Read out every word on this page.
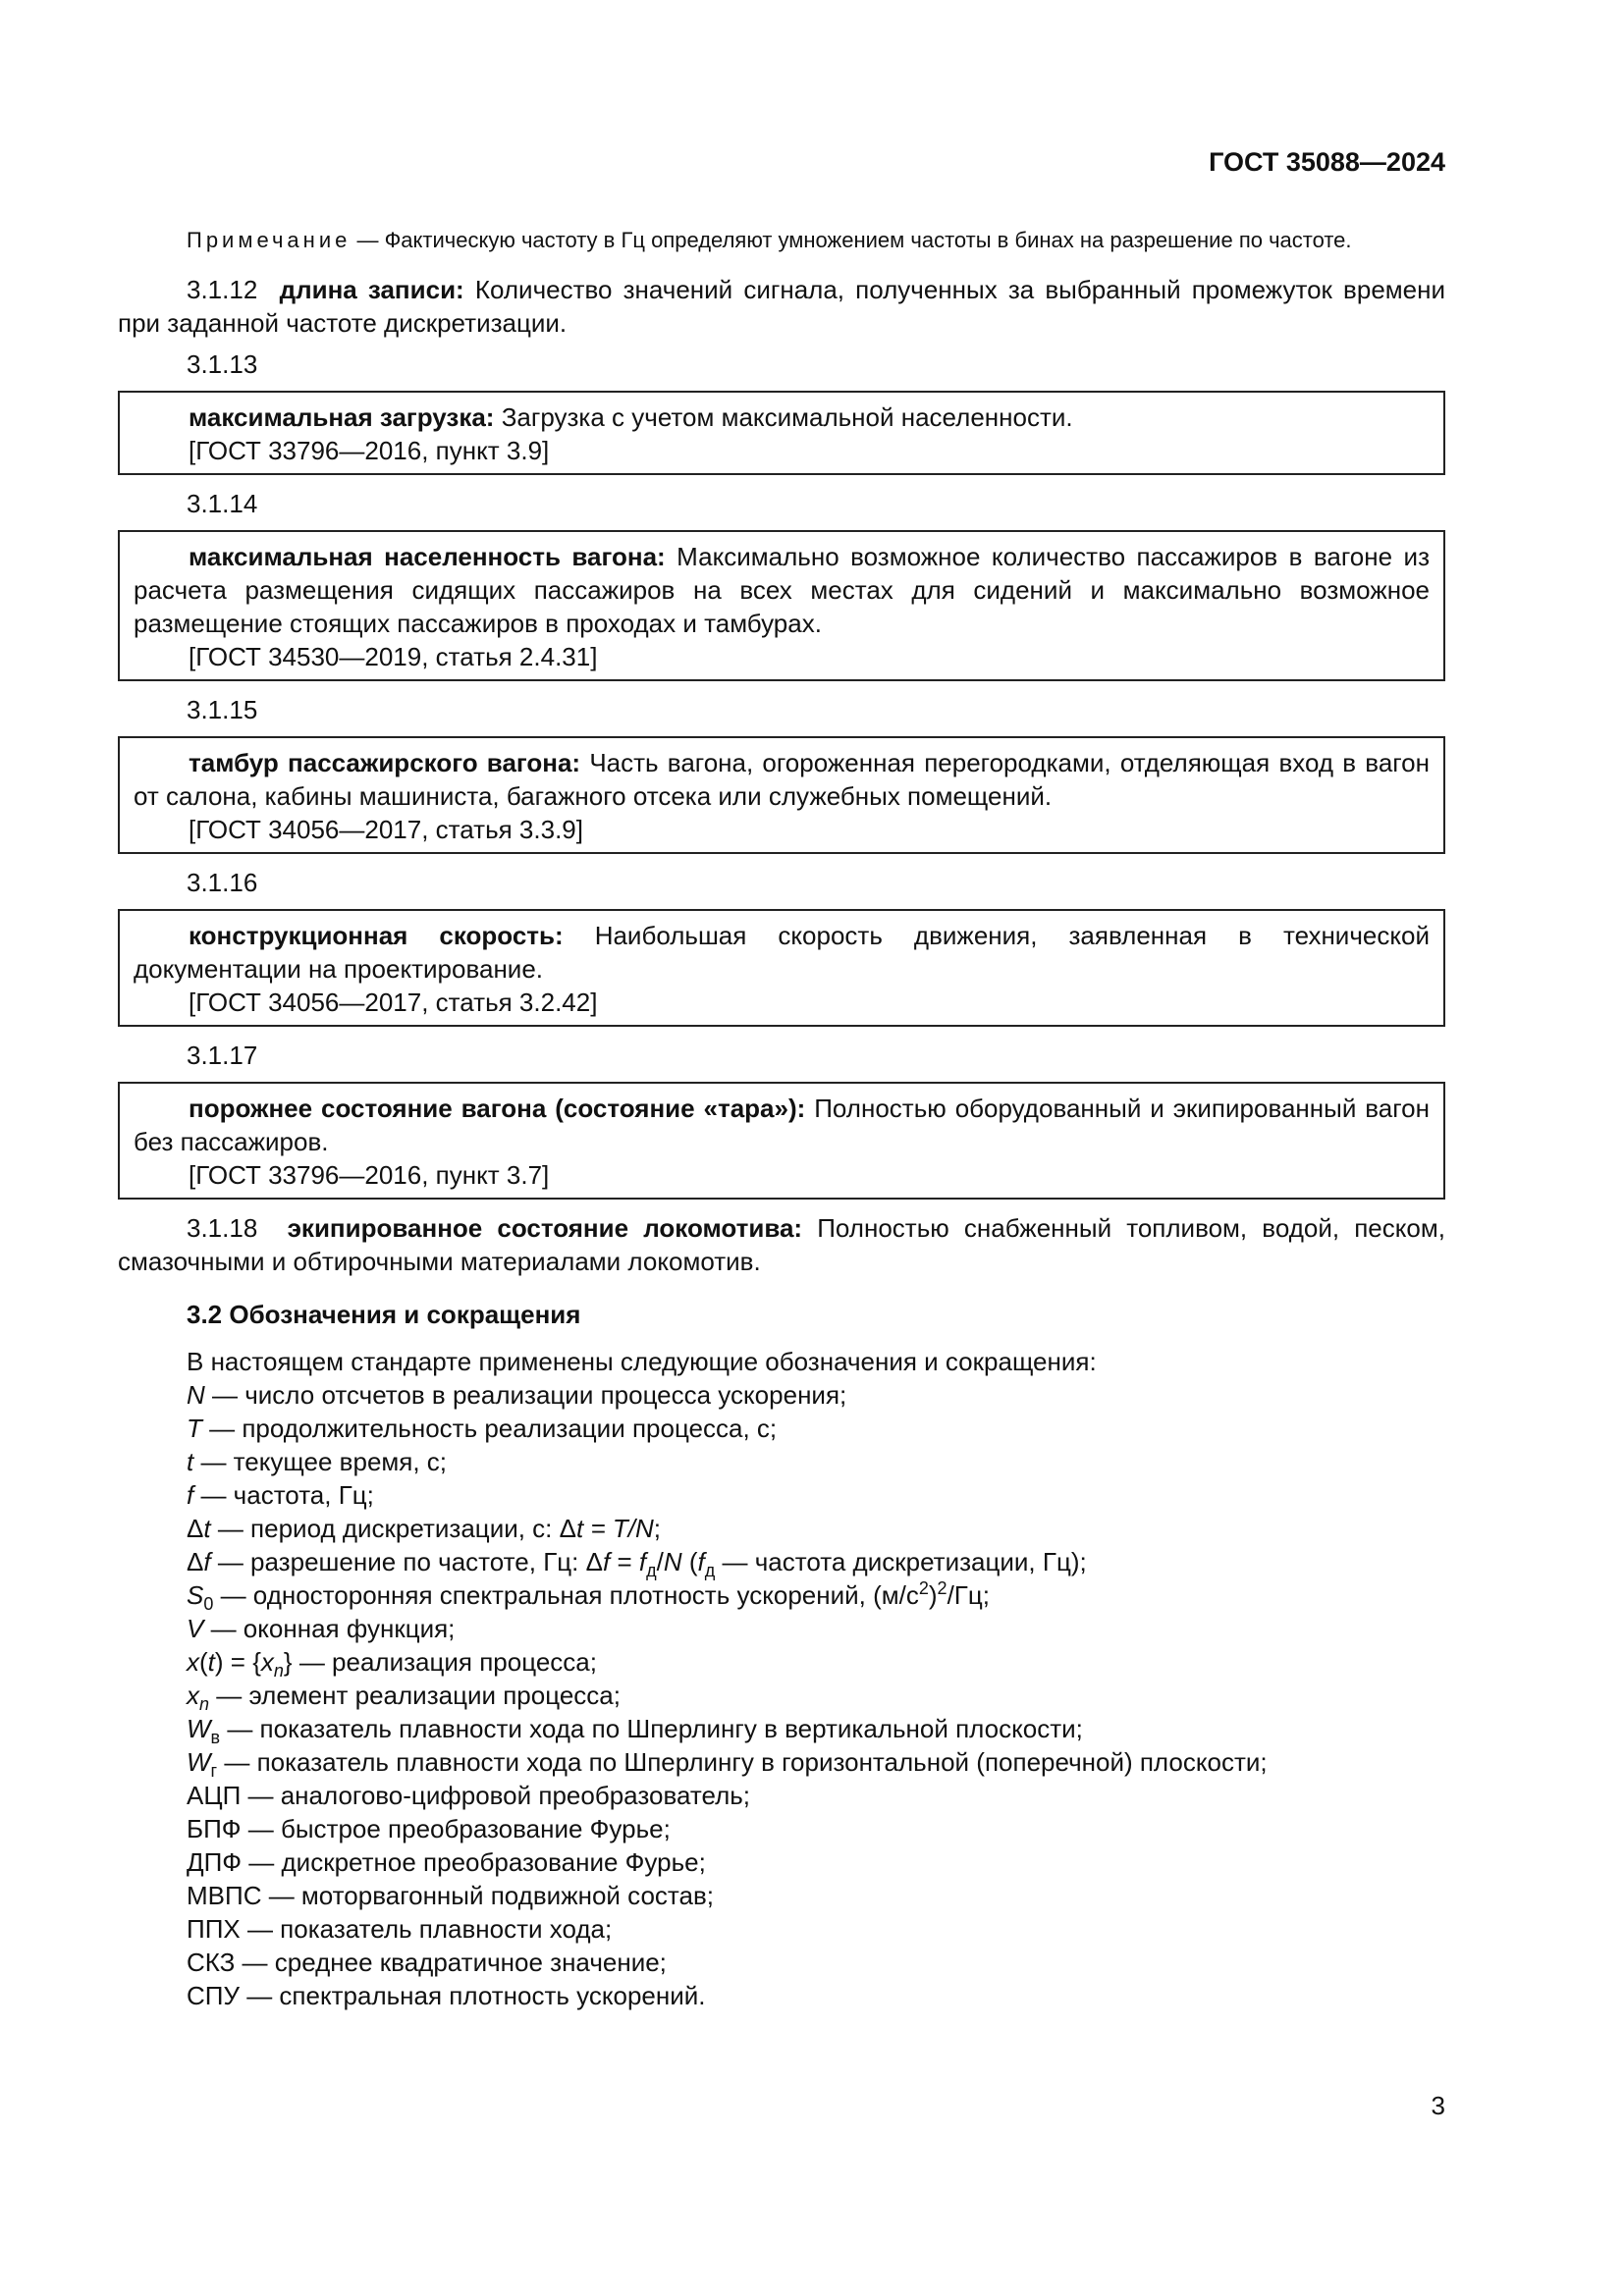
ГОСТ 35088—2024

Примечание — Фактическую частоту в Гц определяют умножением частоты в бинах на разрешение по частоте.

3.1.12 длина записи: Количество значений сигнала, полученных за выбранный промежуток времени при заданной частоте дискретизации.

3.1.13

максимальная загрузка: Загрузка с учетом максимальной населенности.

[ГОСТ 33796—2016, пункт 3.9]

3.1.14

максимальная населенность вагона: Максимально возможное количество пассажиров в вагоне из расчета размещения сидящих пассажиров на всех местах для сидений и максимально возможное размещение стоящих пассажиров в проходах и тамбурах.

[ГОСТ 34530—2019, статья 2.4.31]

3.1.15

тамбур пассажирского вагона: Часть вагона, огороженная перегородками, отделяющая вход в вагон от салона, кабины машиниста, багажного отсека или служебных помещений.

[ГОСТ 34056—2017, статья 3.3.9]

3.1.16

конструкционная скорость: Наибольшая скорость движения, заявленная в технической документации на проектирование.

[ГОСТ 34056—2017, статья 3.2.42]

3.1.17

порожнее состояние вагона (состояние «тара»): Полностью оборудованный и экипированный вагон без пассажиров.

[ГОСТ 33796—2016, пункт 3.7]

3.1.18 экипированное состояние локомотива: Полностью снабженный топливом, водой, песком, смазочными и обтирочными материалами локомотив.

3.2 Обозначения и сокращения
В настоящем стандарте применены следующие обозначения и сокращения:
N — число отсчетов в реализации процесса ускорения;
T — продолжительность реализации процесса, с;
t — текущее время, с;
f — частота, Гц;
Δt — период дискретизации, с: Δt = T/N;
Δf — разрешение по частоте, Гц: $\Delta f = f_д/N$ ($f_д$ — частота дискретизации, Гц);
$S_0$ — односторонняя спектральная плотность ускорений, $(м/с^2)^2/Гц$;
V — оконная функция;
$x(t) = \{x_n\}$ — реализация процесса;
$x_n$ — элемент реализации процесса;
$W_в$ — показатель плавности хода по Шперлингу в вертикальной плоскости;
$W_г$ — показатель плавности хода по Шперлингу в горизонтальной (поперечной) плоскости;
АЦП — аналогово-цифровой преобразователь;
БПФ — быстрое преобразование Фурье;
ДПФ — дискретное преобразование Фурье;
МВПС — моторвагонный подвижной состав;
ППХ — показатель плавности хода;
СКЗ — среднее квадратичное значение;
СПУ — спектральная плотность ускорений.
3
